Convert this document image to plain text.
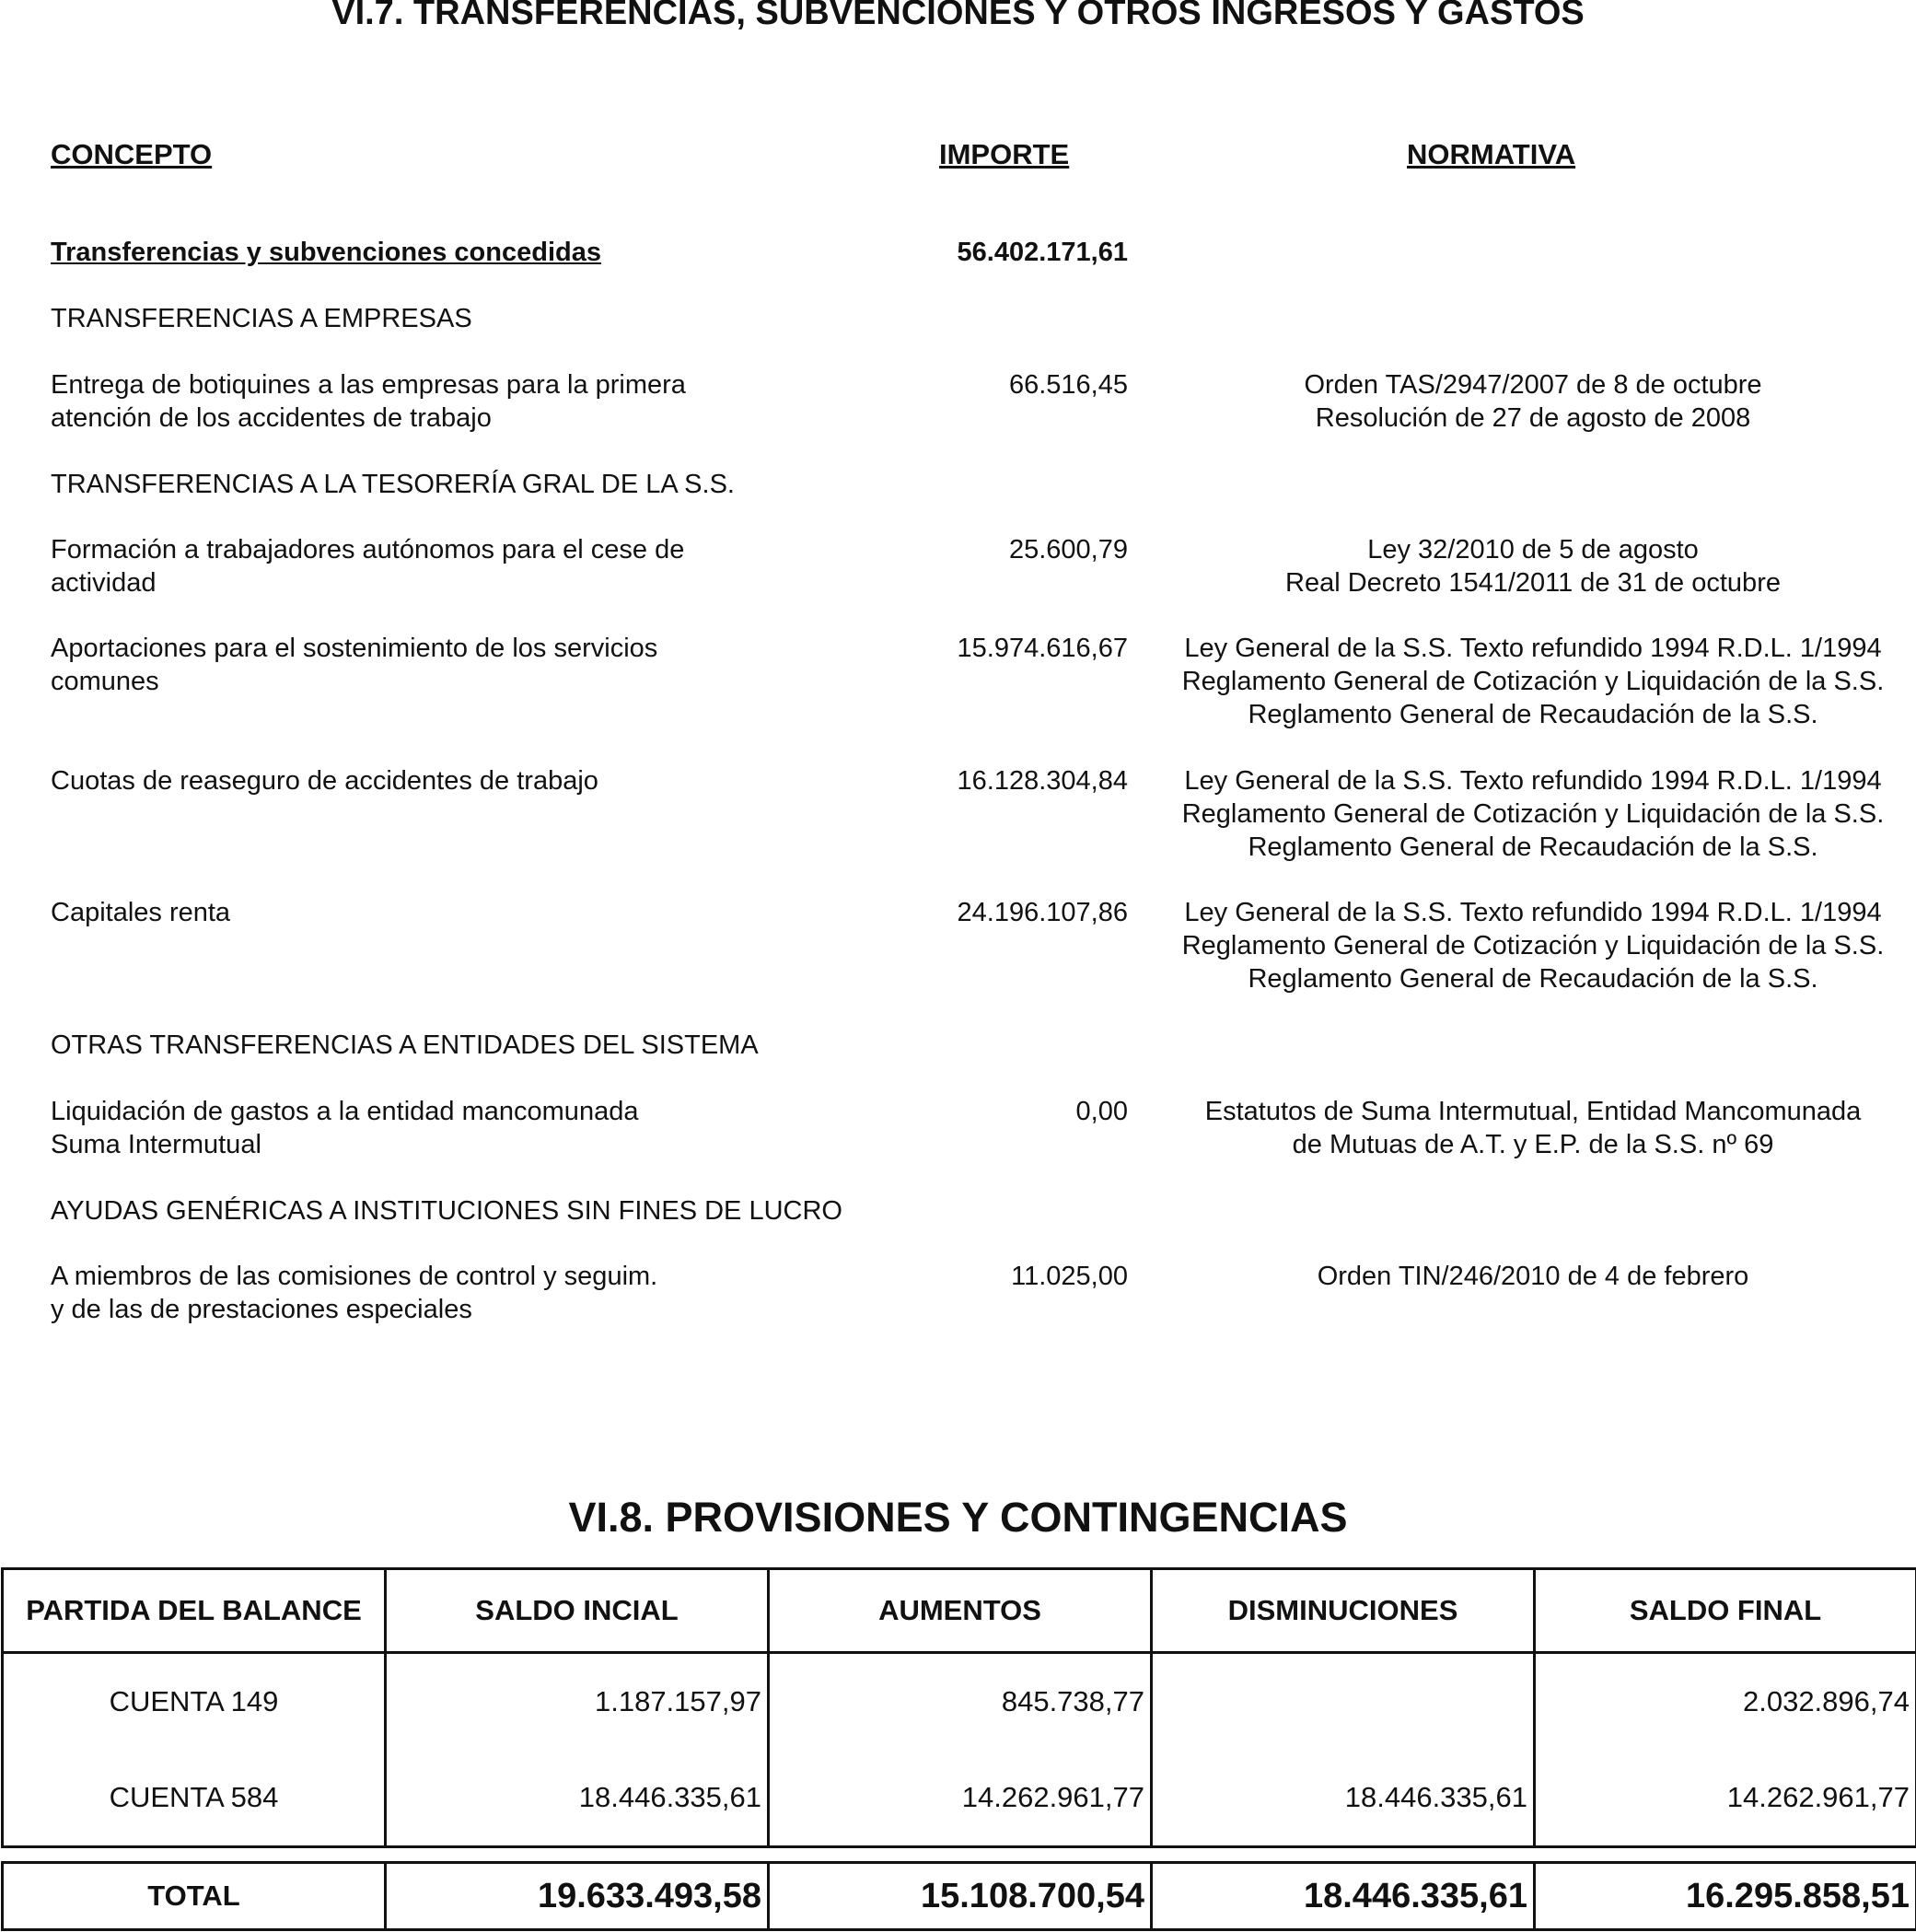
VI.7. TRANSFERENCIAS, SUBVENCIONES Y OTROS INGRESOS Y GASTOS
CONCEPTO	IMPORTE	NORMATIVA
Transferencias y subvenciones concedidas	56.402.171,61
TRANSFERENCIAS A EMPRESAS
Entrega de botiquines a las empresas para la primera
atención de los accidentes de trabajo
66.516,45	Orden TAS/2947/2007 de 8 de octubre
Resolución de 27 de agosto de 2008
TRANSFERENCIAS A LA TESORERÍA GRAL DE LA S.S.
Formación a trabajadores autónomos para el cese de
actividad
25.600,79	Ley 32/2010 de 5 de agosto
Real Decreto 1541/2011 de 31 de octubre
Aportaciones para el sostenimiento de los servicios
comunes
15.974.616,67	Ley General de la S.S. Texto refundido 1994 R.D.L. 1/1994
Reglamento General de Cotización y Liquidación de la S.S.
Reglamento General de Recaudación de la S.S.
Cuotas de reaseguro de accidentes de trabajo	16.128.304,84	Ley General de la S.S. Texto refundido 1994 R.D.L. 1/1994
Reglamento General de Cotización y Liquidación de la S.S.
Reglamento General de Recaudación de la S.S.
Capitales renta	24.196.107,86	Ley General de la S.S. Texto refundido 1994 R.D.L. 1/1994
Reglamento General de Cotización y Liquidación de la S.S.
Reglamento General de Recaudación de la S.S.
OTRAS TRANSFERENCIAS A ENTIDADES DEL SISTEMA
Liquidación de gastos a la entidad mancomunada
Suma Intermutual
0,00	Estatutos de Suma Intermutual, Entidad Mancomunada
de Mutuas de A.T. y E.P. de la S.S. nº 69
AYUDAS GENÉRICAS A INSTITUCIONES SIN FINES DE LUCRO
A miembros de las comisiones de control y seguim.
y de las de prestaciones especiales
11.025,00	Orden TIN/246/2010 de 4 de febrero
VI.8. PROVISIONES Y CONTINGENCIAS
PARTIDA DEL BALANCE	SALDO INCIAL	AUMENTOS	DISMINUCIONES	SALDO FINAL
CUENTA 149	1.187.157,97	845.738,77		2.032.896,74
CUENTA 584	18.446.335,61	14.262.961,77	18.446.335,61	14.262.961,77
TOTAL	19.633.493,58	15.108.700,54	18.446.335,61	16.295.858,51
